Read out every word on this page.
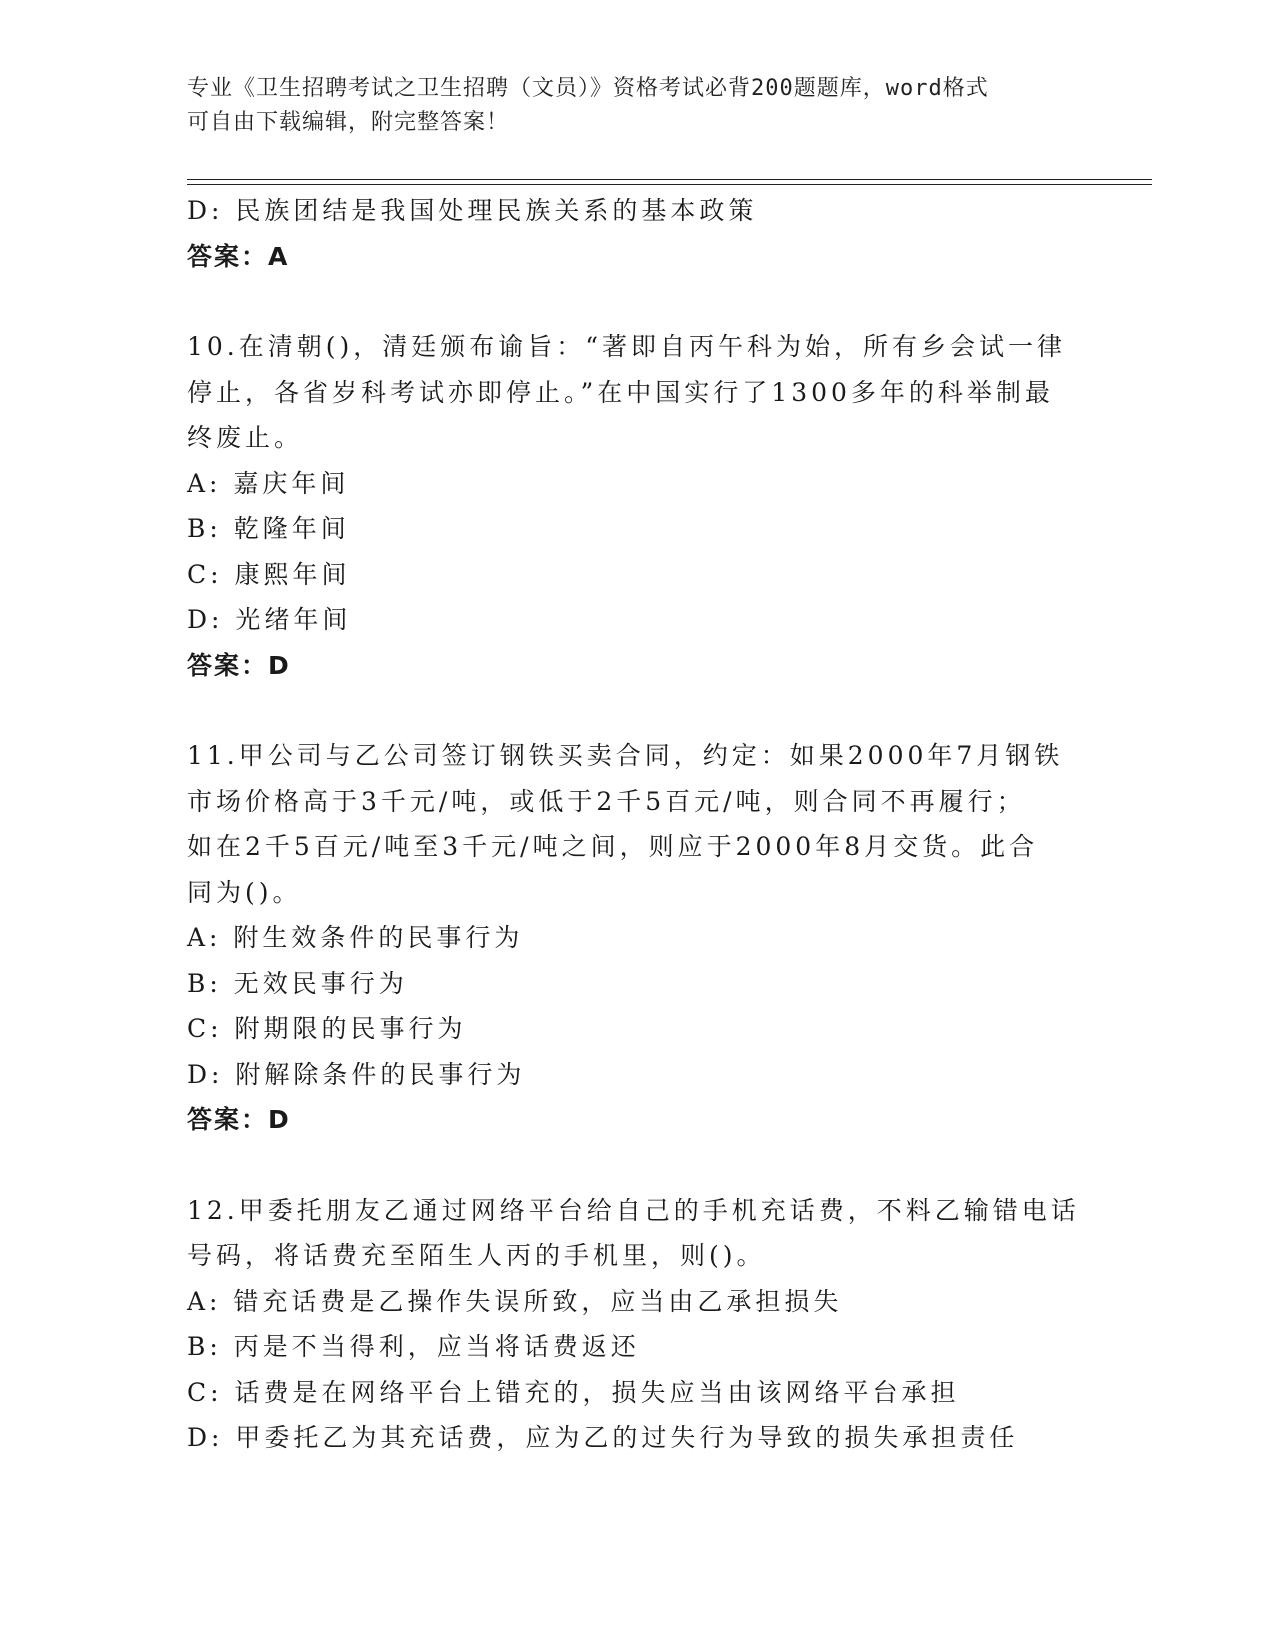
专业《卫生招聘考试之卫生招聘（文员）》资格考试必背200题题库，word格式
可自由下载编辑，附完整答案！
D: 民族团结是我国处理民族关系的基本政策
答案：A
10.在清朝()，清廷颁布谕旨：“著即自丙午科为始，所有乡会试一律
停止，各省岁科考试亦即停止。”在中国实行了1300多年的科举制最
终废止。
A: 嘉庆年间
B: 乾隆年间
C: 康熙年间
D: 光绪年间
答案：D
11.甲公司与乙公司签订钢铁买卖合同，约定：如果2000年7月钢铁
市场价格高于3千元/吨，或低于2千5百元/吨，则合同不再履行；
如在2千5百元/吨至3千元/吨之间，则应于2000年8月交货。此合
同为()。
A: 附生效条件的民事行为
B: 无效民事行为
C: 附期限的民事行为
D: 附解除条件的民事行为
答案：D
12.甲委托朋友乙通过网络平台给自己的手机充话费，不料乙输错电话
号码，将话费充至陌生人丙的手机里，则()。
A: 错充话费是乙操作失误所致，应当由乙承担损失
B: 丙是不当得利，应当将话费返还
C: 话费是在网络平台上错充的，损失应当由该网络平台承担
D: 甲委托乙为其充话费，应为乙的过失行为导致的损失承担责任
